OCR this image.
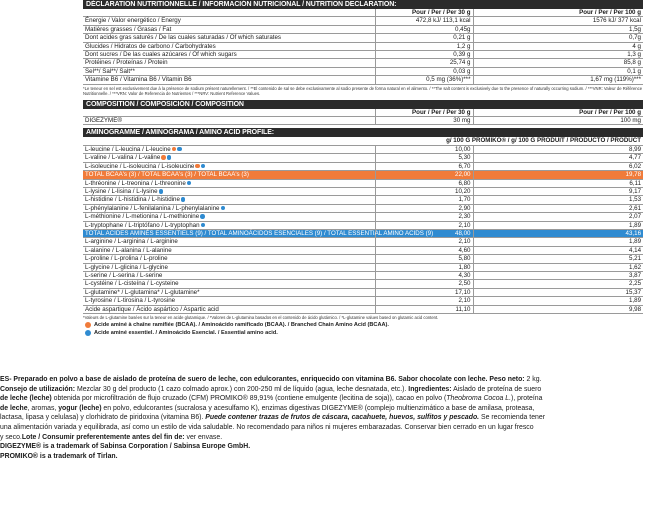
DÉCLARATION NUTRITIONNELLE / INFORMACIÓN NUTRICIONAL / NUTRITION DECLARATION:
	Pour / Per / Per 30 g	Pour / Per / Per 100 g
Énergie / Valor energético / Energy	472,8 kJ/ 113,1 kcal	1576 kJ/ 377 kcal
Matières grasses / Grasas / Fat	0,45g	1,5g
Dont acides gras saturés / De las cuales saturadas / Of which saturates	0,21 g	0,7g
Glucides / Hidratos de carbono / Carbohydrates	1,2 g	4 g
Dont sucres / De las cuales azúcares / Of which sugars	0,39 g	1,3 g
Protéines / Proteínas / Protein	25,74 g	85,8 g
Sel**/ Sal**/ Salt**	0,03 g	0,1 g
Vitamine B6 / Vitamina B6 / Vitamin B6	0,5 mg (36%)***	1,67 mg (119%)***
*Le teneur en sel est exclusivement due à la présence de sodium présent naturellement. / **El contenido de sal se debe exclusivamente al sodio presente de forma natural en el alimento. / **The salt content is exclusively due to the presence of naturally occurring sodium. / ***VNR: Valeur de Référence Nutritionnelle. / ***VRN: Valor de Referencia de Nutrientes / ***NRV: Nutrient Reference Values.
COMPOSITION / COMPOSICIÓN / COMPOSITION
	Pour / Per / Per 30 g	Pour / Per / Per 100 g
DIGEZYME®	30 mg	100 mg
AMINOGRAMME / AMINOGRAMA / AMINO ACID PROFILE:
	g/ 100 G PROMIKO® / g/ 100 G PRODUIT / PRODUCTO / PRODUCT	
L-leucine / L-leucina / L-leucine	10,00	8,99
L-valine / L-valina / L-valine	5,30	4,77
L-isoleucine / L-isoleucina / L-isoleucine	6,70	6,02
TOTAL BCAA's (3) / TOTAL BCAA's (3) / TOTAL BCAA's (3)	22,00	19,78
L-thréonine / L-treonina / L-threonine	6,80	6,11
L-lysine / L-lisina / L-lysine	10,20	9,17
L-histidine / L-histidina / L-histidine	1,70	1,53
L-phénylalanine / L-fenilalanina / L-phenylalanine	2,90	2,61
L-méthionine / L-metionina / L-methionine	2,30	2,07
L-tryptophane / L-triptófano / L-tryptophan	2,10	1,89
TOTAL ACIDES AMINÉS ESSENTIELS (9) / TOTAL AMINOÁCIDOS ESENCIALES (9) / TOTAL ESSENTIAL AMINO ACIDS (9)	48,00	43,16
L-arginine / L-arginina / L-arginine	2,10	1,89
L-alanine / L-alanina / L-alanine	4,60	4,14
L-proline / L-prolina / L-proline	5,80	5,21
L-glycine / L-glicina / L-glycine	1,80	1,62
L-serine / L-serina / L-serine	4,30	3,87
L-cystéine / L-cisteína / L-cysteine	2,50	2,25
L-glutamine* / L-glutamina* / L-glutamine*	17,10	15,37
L-tyrosine / L-tirosina / L-tyrosine	2,10	1,89
Acide aspartique / Ácido aspártico / Aspartic acid	11,10	9,98
*Valeurs de L-glutamine basées sur la teneur en acide glutamique. / *Valores de L-glutamina basados en el contenido de ácido glutámico. / *L-glutamine values based on glutamic acid content.
Acide aminé à chaîne ramifiée (BCAA). / Aminoácido ramificado (BCAA). / Branched Chain Amino Acid (BCAA).
Acide aminé essentiel. / Aminoácido Esencial. / Essential amino acid.

ES- Preparado en polvo a base de aislado de proteína de suero de leche, con edulcorantes, enriquecido con vitamina B6. Sabor chocolate con leche. Peso neto: 2 kg.

Consejo de utilización: Mezclar 30 g del producto (1 cazo colmado aprox.) con 200-250 ml de líquido (agua, leche desnatada, etc.). Ingredientes: Aislado de proteína de suero

de leche (leche) obtenida por microfiltración de flujo cruzado (CFM) PROMIKO® 89,91% (contiene emulgente (lecitina de soja)), cacao en polvo (Theobroma Cocoa L.), proteína

de leche, aromas, yogur (leche) en polvo, edulcorantes (sucralosa y acesulfamo K), enzimas digestivas DIGEZYME® (complejo multienzimático a base de amilasa, proteasa,

lactasa, lipasa y celulasa) y clorhidrato de piridoxina (vitamina B6). Puede contener trazas de frutos de cáscara, cacahuete, huevos, sulfitos y pescado. Se recomienda tener

una alimentación variada y equilibrada, así como un estilo de vida saludable. No recomendado para niños ni mujeres embarazadas. Conservar bien cerrado en un lugar fresco

y seco.Lote / Consumir preferentemente antes del fin de: ver envase.

DIGEZYME® is a trademark of Sabinsa Corporation / Sabinsa Europe GmbH.

PROMIKO® is a trademark of Tirlan.
